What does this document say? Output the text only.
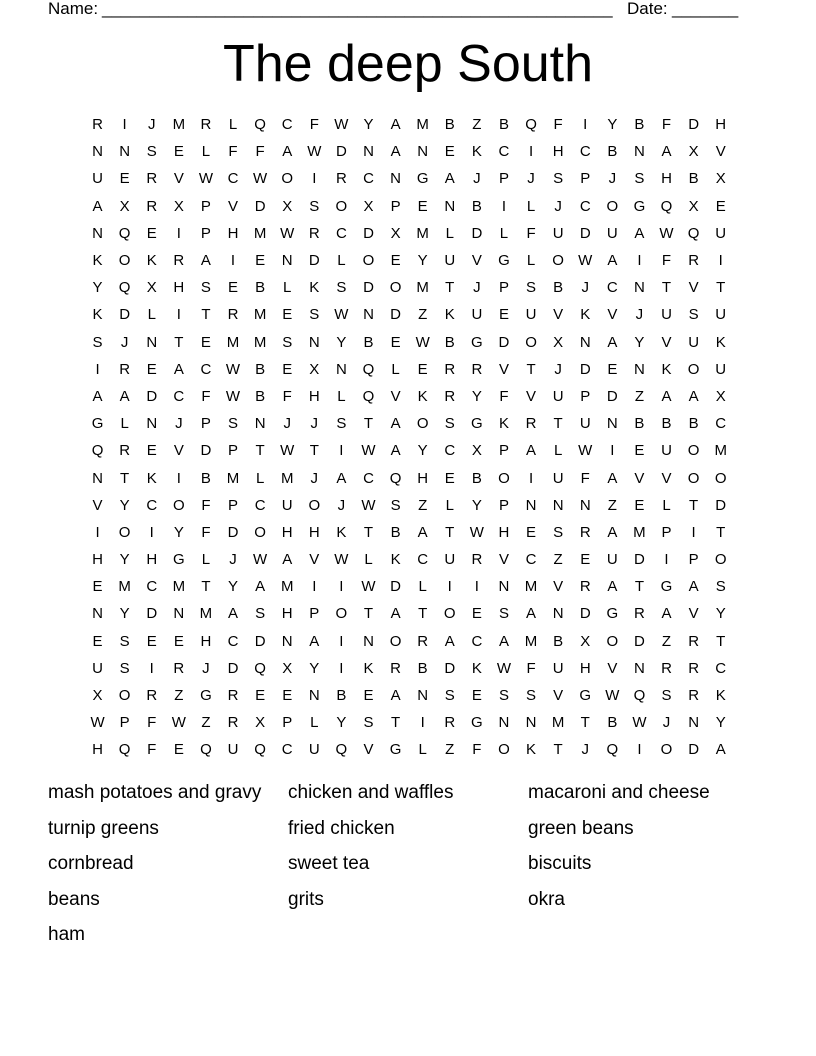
Name: ______________________________________________________ Date: _______
The deep South
R	I	J	M	R	L	Q	C	F	W	Y	A	M	B	Z	B	Q	F	I	Y	B	F	D	H
N	N	S	E	L	F	F	A	W D	N	A	N	E	K	C	I	H	C	B	N	A	X	V
U	E	R	V	W C W O	I	R	C	N	G	A	J	P	J	S	P	J	S	H	B	X
A	X	R	X	P	V	D	X	S	O	X	P	E	N	B	I	L	J	C	O	G	Q	X	E
N	Q	E	I	P	H	M W R	C	D	X	M	L	D	L	F	U	D	U	A	W Q	U
K	O	K	R	A	I	E	N	D	L	O	E	Y	U	V	G	L	O W	A	I	F	R	I
Y	Q	X	H	S	E	B	L	K	S	D	O	M	T	J	P	S	B	J	C	N	T	V	T
K	D	L	I	T	R	M	E	S	W N	D	Z	K	U	E	U	V	K	V	J	U	S	U
S	J	N	T	E	M M	S	N	Y	B	E	W	B	G	D	O	X	N	A	Y	V	U	K
I	R	E	A	C W	B	E	X	N	Q	L	E	R	R	V	T	J	D	E	N	K	O	U
A	A	D	C	F	W	B	F	H	L	Q	V	K	R	Y	F	V	U	P	D	Z	A	A	X
G	L	N	J	P	S	N	J	J	S	T	A	O	S	G	K	R	T	U	N	B	B	B	C
Q	R	E	V	D	P	T	W	T	I	W	A	Y	C	X	P	A	L	W	I	E	U	O	M
N	T	K	I	B	M	L	M	J	A	C	Q	H	E	B	O	I	U	F	A	V	V	O	O
V	Y	C	O	F	P	C	U	O	J	W	S	Z	L	Y	P	N	N	N	Z	E	L	T	D
I	O	I	Y	F	D	O	H	H	K	T	B	A	T	W H	E	S	R	A	M	P	I	T
H	Y	H	G	L	J	W	A	V	W	L	K	C	U	R	V	C	Z	E	U	D	I	P	O
E	M	C	M	T	Y	A	M	I	I	W D	L	I	I	N	M	V	R	A	T	G	A	S
N	Y	D	N	M	A	S	H	P	O	T	A	T	O	E	S	A	N	D	G	R	A	V	Y
E	S	E	E	H	C	D	N	A	I	N	O	R	A	C	A	M	B	X	O	D	Z	R	T
U	S	I	R	J	D	Q	X	Y	I	K	R	B	D	K	W	F	U	H	V	N	R	R	C
X	O	R	Z	G	R	E	E	N	B	E	A	N	S	E	S	S	V	G W Q	S	R	K
W	P	F	W	Z	R	X	P	L	Y	S	T	I	R	G	N	N	M	T	B	W	J	N	Y
H	Q	F	E	Q	U	Q	C	U	Q	V	G	L	Z	F	O	K	T	J	Q	I	O	D	A
mash potatoes and gravy	chicken and waffles	macaroni and cheese
turnip greens	fried chicken	green beans
cornbread	sweet tea	biscuits
beans	grits	okra
ham
